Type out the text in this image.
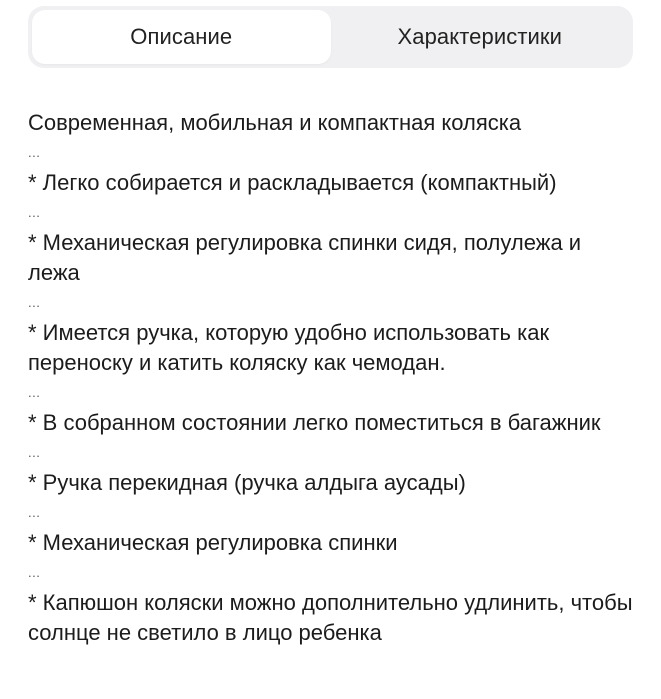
Описание	Характеристики

Современная, мобильная и компактная коляска

...

* Легко собирается и раскладывается (компактный)

...

* Механическая регулировка спинки сидя, полулежа и лежа

...

* Имеется ручка, которую удобно использовать как переноску и катить коляску как чемодан.

...

* В собранном состоянии легко поместиться в багажник

...

* Ручка перекидная (ручка алдыга аусады)

...

* Механическая регулировка спинки

...

* Капюшон коляски можно дополнительно удлинить, чтобы солнце не светило в лицо ребенка
